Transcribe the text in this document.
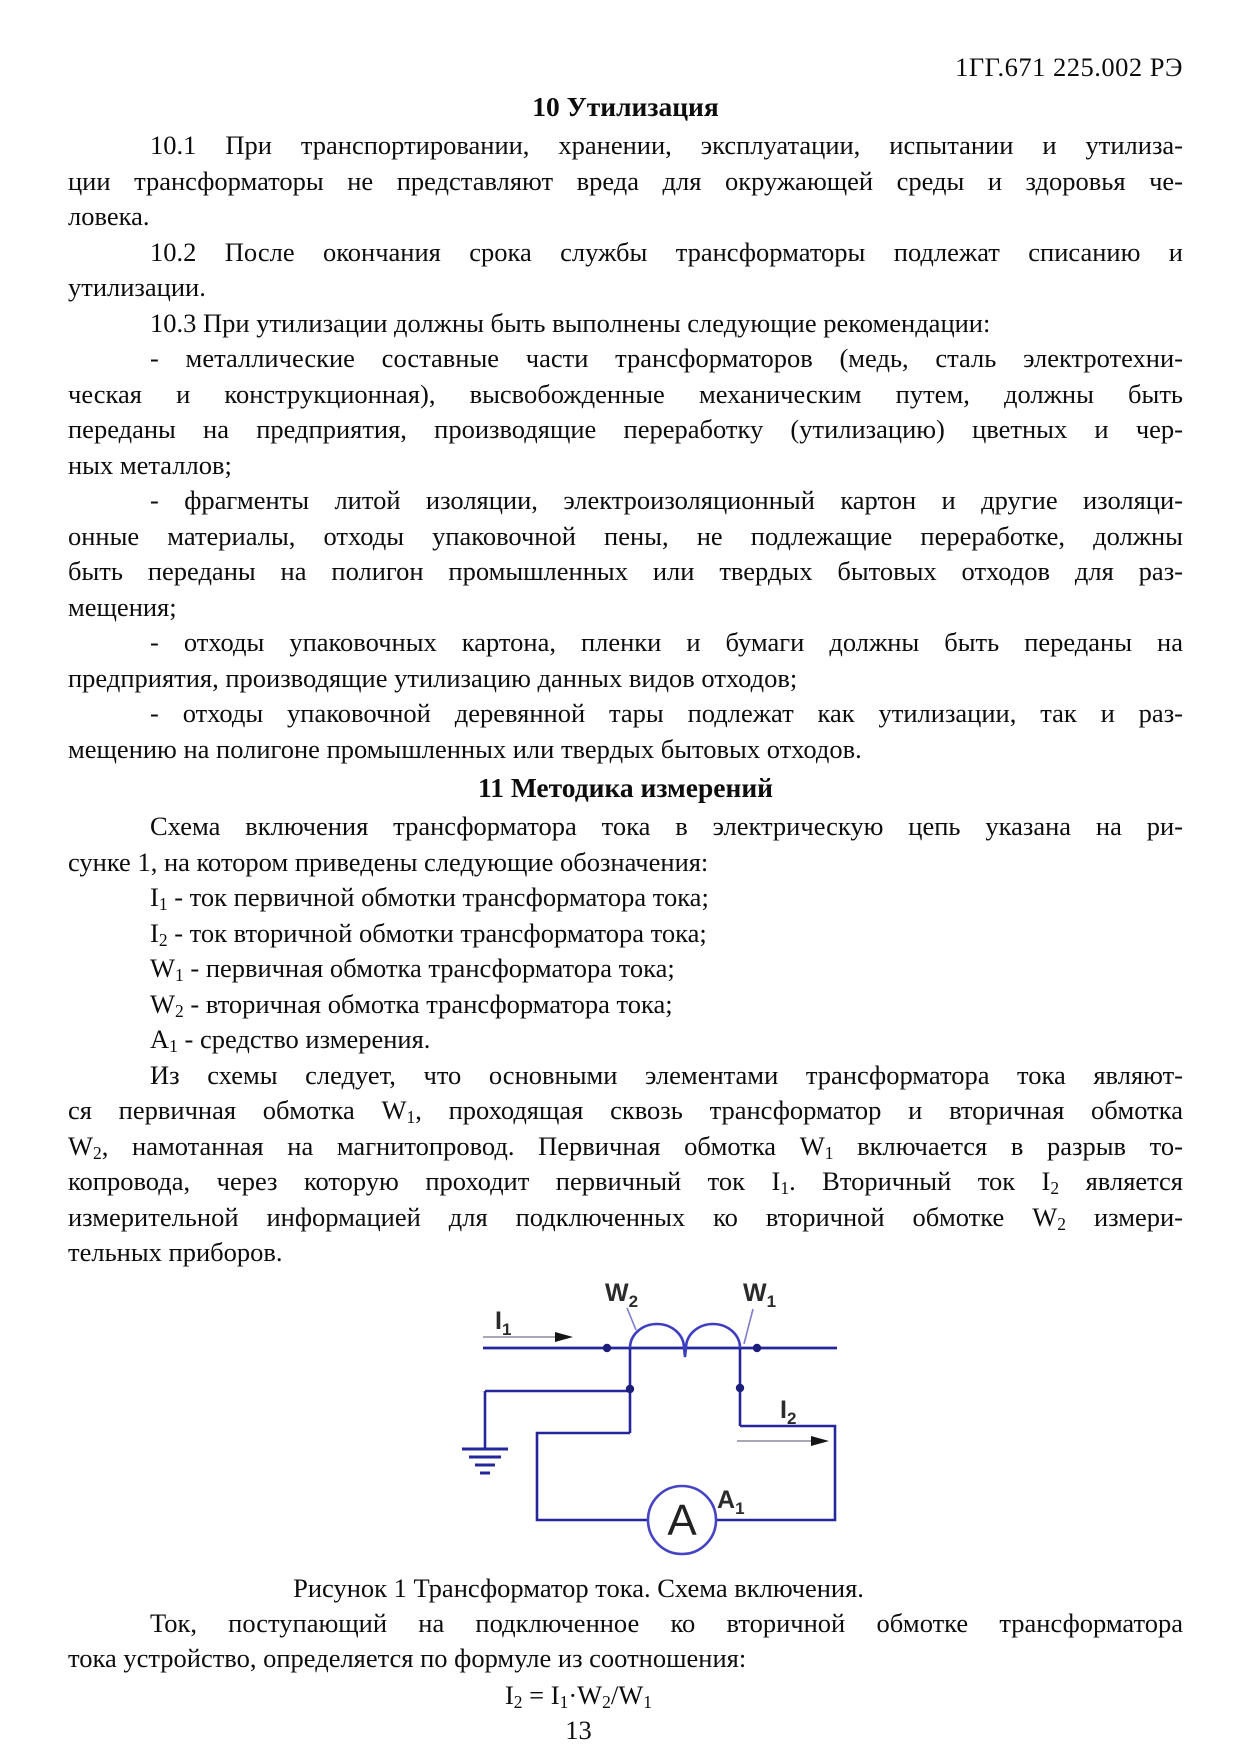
1ГГ.671 225.002 РЭ
10 Утилизация
10.1 При транспортировании, хранении, эксплуатации, испытании и утилиза-
ции трансформаторы не представляют вреда для окружающей среды и здоровья че-
ловека.
10.2 После окончания срока службы трансформаторы подлежат списанию и
утилизации.
10.3 При утилизации должны быть выполнены следующие рекомендации:
- металлические составные части трансформаторов (медь, сталь электротехни-
ческая и конструкционная), высвобожденные механическим путем, должны быть
переданы на предприятия, производящие переработку (утилизацию) цветных и чер-
ных металлов;
- фрагменты литой изоляции, электроизоляционный картон и другие изоляци-
онные материалы, отходы упаковочной пены, не подлежащие переработке, должны
быть переданы на полигон промышленных или твердых бытовых отходов для раз-
мещения;
- отходы упаковочных картона, пленки и бумаги должны быть переданы на
предприятия, производящие утилизацию данных видов отходов;
- отходы упаковочной деревянной тары подлежат как утилизации, так и раз-
мещению на полигоне промышленных или твердых бытовых отходов.
11 Методика измерений
Схема включения трансформатора тока в электрическую цепь указана на ри-
сунке 1, на котором приведены следующие обозначения:
$I_1$ - ток первичной обмотки трансформатора тока;
$I_2$ - ток вторичной обмотки трансформатора тока;
$W_1$ - первичная обмотка трансформатора тока;
$W_2$ - вторичная обмотка трансформатора тока;
$A_1$ - средство измерения.
Из схемы следует, что основными элементами трансформатора тока являют-
ся первичная обмотка $W_1$, проходящая сквозь трансформатор и вторичная обмотка
$W_2$, намотанная на магнитопровод. Первичная обмотка $W_1$ включается в разрыв то-
копровода, через которую проходит первичный ток $I_1$. Вторичный ток $I_2$ является
измерительной информацией для подключенных ко вторичной обмотке $W_2$ измери-
тельных приборов.
A
$I_1$
$W_2$	$W_1$
$I_2$
$A_1$
Рисунок 1 Трансформатор тока. Схема включения.
Ток, поступающий на подключенное ко вторичной обмотке трансформатора
тока устройство, определяется по формуле из соотношения:
$I_2 = I_1\cdot W_2/W_1$
13
